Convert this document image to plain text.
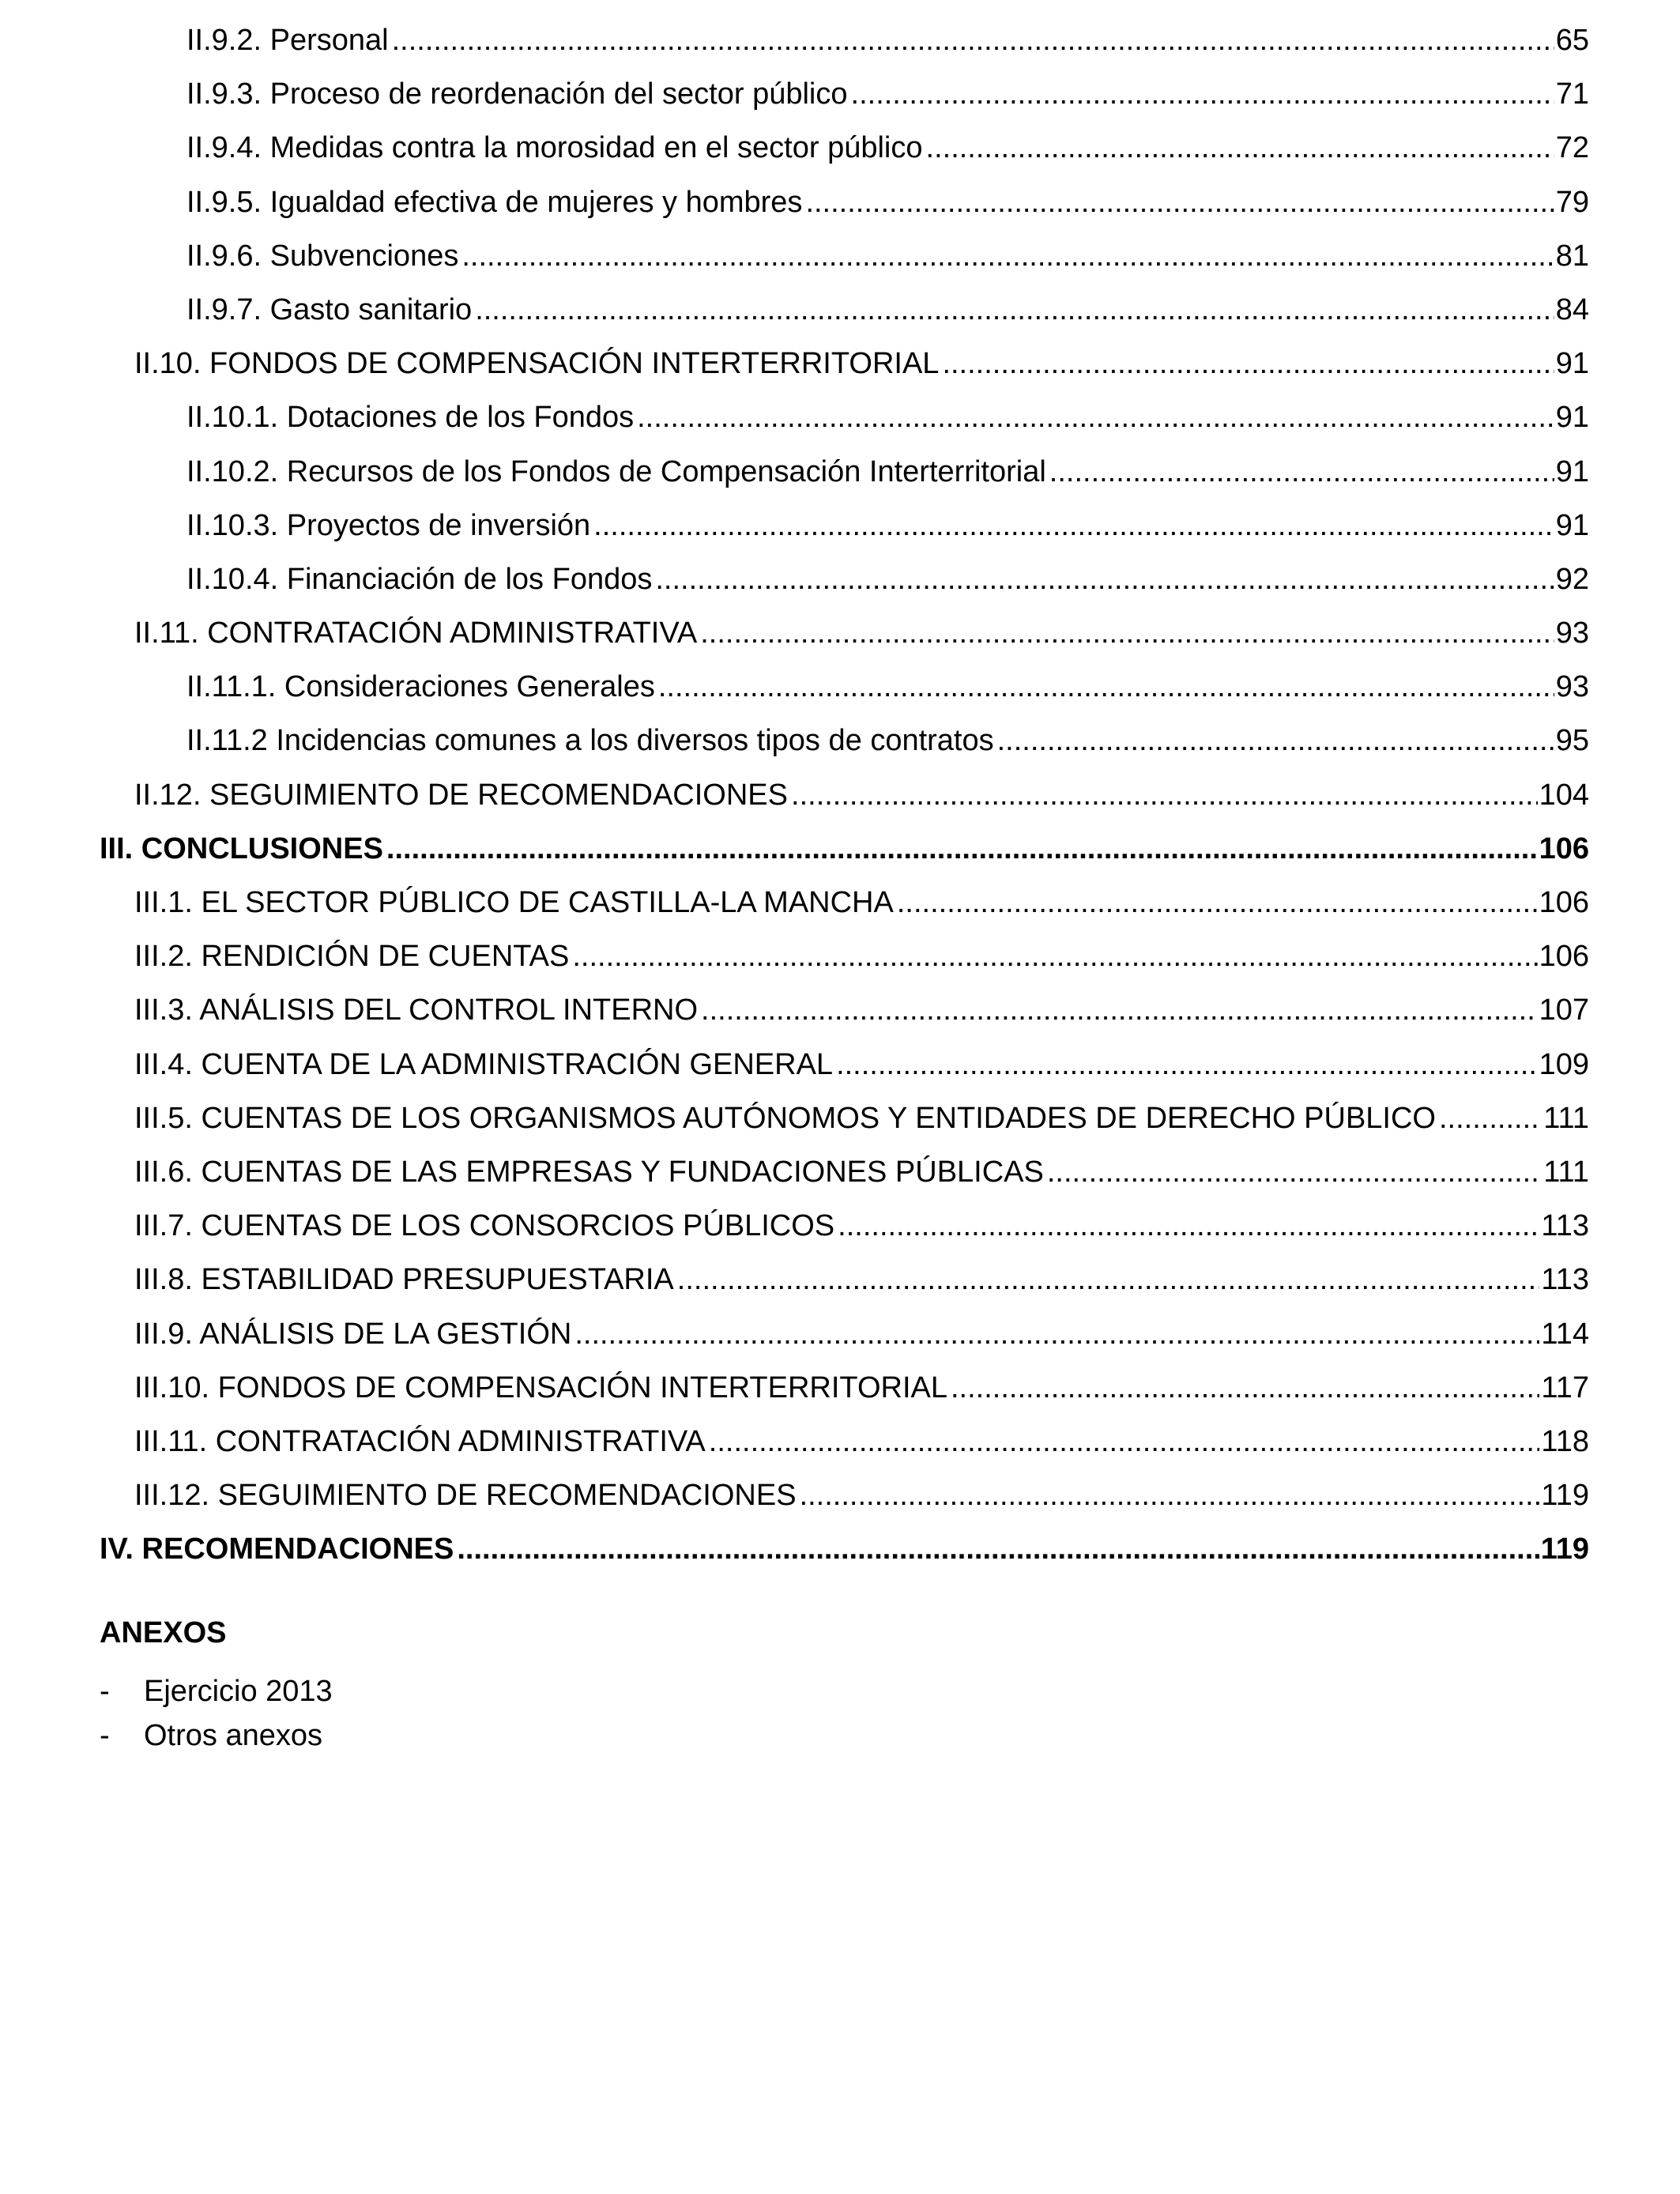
II.9.2. Personal .....	65
II.9.3. Proceso de reordenación del sector público .....	71
II.9.4. Medidas contra la morosidad en el sector público .....	72
II.9.5. Igualdad efectiva de mujeres y hombres .....	79
II.9.6. Subvenciones .....	81
II.9.7. Gasto sanitario .....	84
II.10. FONDOS DE COMPENSACIÓN INTERTERRITORIAL .....	91
II.10.1. Dotaciones de los Fondos .....	91
II.10.2. Recursos de los Fondos de Compensación Interterritorial .....	91
II.10.3. Proyectos de inversión .....	91
II.10.4. Financiación de los Fondos .....	92
II.11. CONTRATACIÓN ADMINISTRATIVA .....	93
II.11.1. Consideraciones Generales .....	93
II.11.2 Incidencias comunes a los diversos tipos de contratos .....	95
II.12. SEGUIMIENTO DE RECOMENDACIONES .....	104
III. CONCLUSIONES .....	106
III.1. EL SECTOR PÚBLICO DE CASTILLA-LA MANCHA .....	106
III.2. RENDICIÓN DE CUENTAS .....	106
III.3. ANÁLISIS DEL CONTROL INTERNO .....	107
III.4. CUENTA DE LA ADMINISTRACIÓN GENERAL .....	109
III.5. CUENTAS DE LOS ORGANISMOS AUTÓNOMOS Y ENTIDADES DE DERECHO PÚBLICO .....	111
III.6. CUENTAS DE LAS EMPRESAS Y FUNDACIONES PÚBLICAS .....	111
III.7. CUENTAS DE LOS CONSORCIOS PÚBLICOS .....	113
III.8. ESTABILIDAD PRESUPUESTARIA .....	113
III.9. ANÁLISIS DE LA GESTIÓN .....	114
III.10. FONDOS DE COMPENSACIÓN INTERTERRITORIAL .....	117
III.11. CONTRATACIÓN ADMINISTRATIVA .....	118
III.12. SEGUIMIENTO DE RECOMENDACIONES .....	119
IV. RECOMENDACIONES .....	119
ANEXOS
-	Ejercicio 2013
-	Otros anexos
